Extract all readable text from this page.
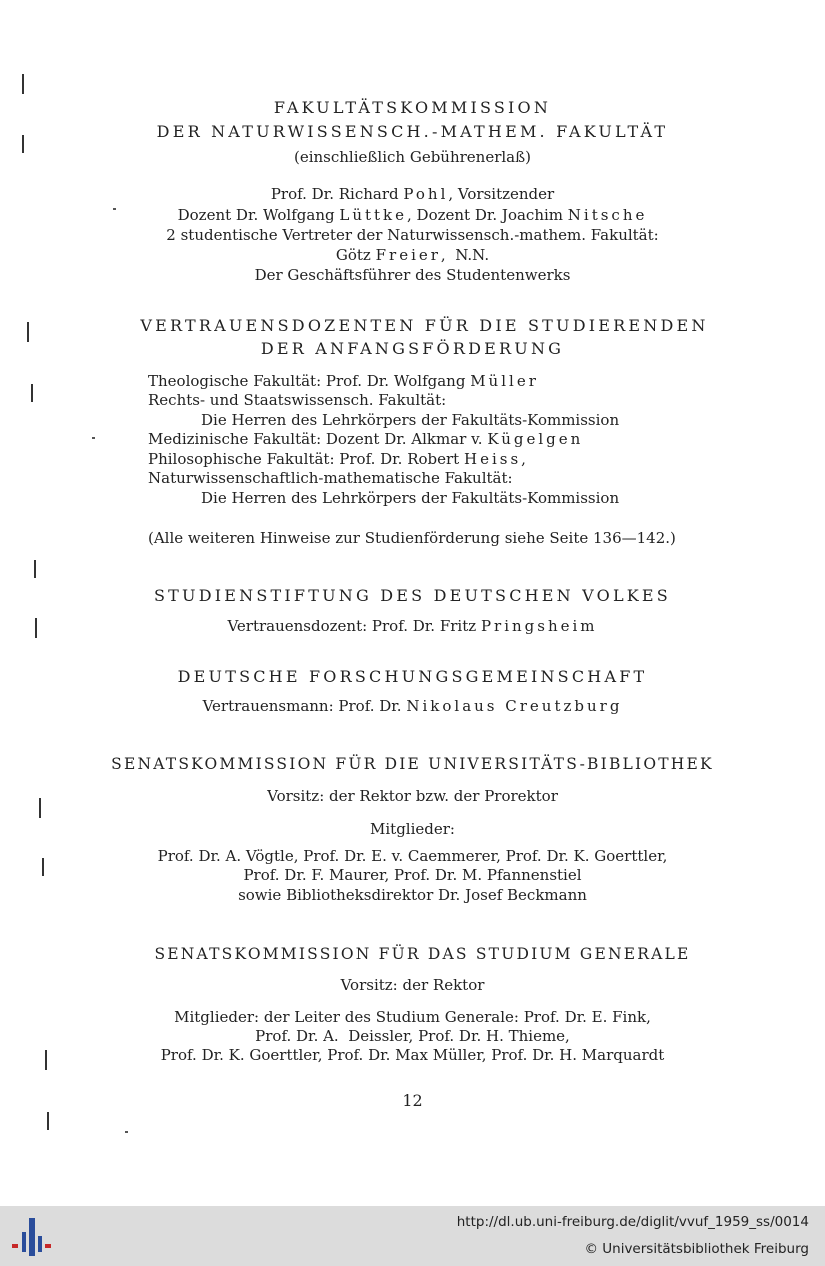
FAKULTÄTSKOMMISSION
DER NATURWISSENSCH.-MATHEM. FAKULTÄT
(einschließlich Gebührenerlaß)
Prof. Dr. Richard Pohl, Vorsitzender
Dozent Dr. Wolfgang Lüttke, Dozent Dr. Joachim Nitsche
2 studentische Vertreter der Naturwissensch.-mathem. Fakultät:
Götz Freier,  N.N.
Der Geschäftsführer des Studentenwerks
VERTRAUENSDOZENTEN FÜR DIE STUDIERENDEN
DER ANFANGSFÖRDERUNG
Theologische Fakultät: Prof. Dr. Wolfgang Müller
Rechts- und Staatswissensch. Fakultät:
Die Herren des Lehrkörpers der Fakultäts-Kommission
Medizinische Fakultät: Dozent Dr. Alkmar v. Kügelgen
Philosophische Fakultät: Prof. Dr. Robert Heiss,
Naturwissenschaftlich-mathematische Fakultät:
Die Herren des Lehrkörpers der Fakultäts-Kommission
(Alle weiteren Hinweise zur Studienförderung siehe Seite 136—142.)
STUDIENSTIFTUNG DES DEUTSCHEN VOLKES
Vertrauensdozent: Prof. Dr. Fritz Pringsheim
DEUTSCHE FORSCHUNGSGEMEINSCHAFT
Vertrauensmann: Prof. Dr. Nikolaus Creutzburg
SENATSKOMMISSION FÜR DIE UNIVERSITÄTS-BIBLIOTHEK
Vorsitz: der Rektor bzw. der Prorektor
Mitglieder:
Prof. Dr. A. Vögtle, Prof. Dr. E. v. Caemmerer, Prof. Dr. K. Goerttler,
Prof. Dr. F. Maurer, Prof. Dr. M. Pfannenstiel
sowie Bibliotheksdirektor Dr. Josef Beckmann
SENATSKOMMISSION FÜR DAS STUDIUM GENERALE
Vorsitz: der Rektor
Mitglieder: der Leiter des Studium Generale: Prof. Dr. E. Fink,
Prof. Dr. A.  Deissler, Prof. Dr. H. Thieme,
Prof. Dr. K. Goerttler, Prof. Dr. Max Müller, Prof. Dr. H. Marquardt
12
http://dl.ub.uni-freiburg.de/diglit/vvuf_1959_ss/0014
© Universitätsbibliothek Freiburg
